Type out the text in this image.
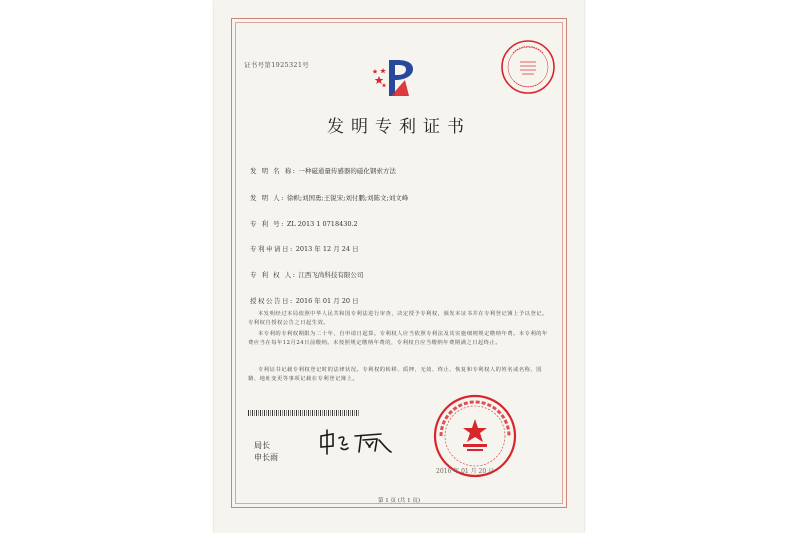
证书号第1925321号
发明专利证书
发 明 名 称: 一种磁通量传感器的磁化钢索方法
发 明 人: 徐帜;刘国勇;王锐宋;刘付鹏;刘陈文;刘文峰
专 利 号: ZL 2013 1 0718430.2
专利申请日: 2013 年 12 月 24 日
专 利 权 人: 江西飞尚科技有限公司
授权公告日: 2016 年 01 月 20 日
本发明经过本局依照中华人民共和国专利法进行审查，决定授予专利权，颁发本证书并在专利登记簿上予以登记。专利权自授权公告之日起生效。
本专利的专利权期限为二十年，自申请日起算。专利权人应当依照专利法及其实施细则规定缴纳年费。本专利的年费应当在每年12月24日前缴纳。未按照规定缴纳年费的，专利权自应当缴纳年费期满之日起终止。
专利证书记载专利权登记时的法律状况。专利权的转移、质押、无效、终止、恢复和专利权人的姓名或名称、国籍、地址变更等事项记载在专利登记簿上。
局长
申长雨
2016 年 01 月 20 日
第 1 页 (共 1 页)
